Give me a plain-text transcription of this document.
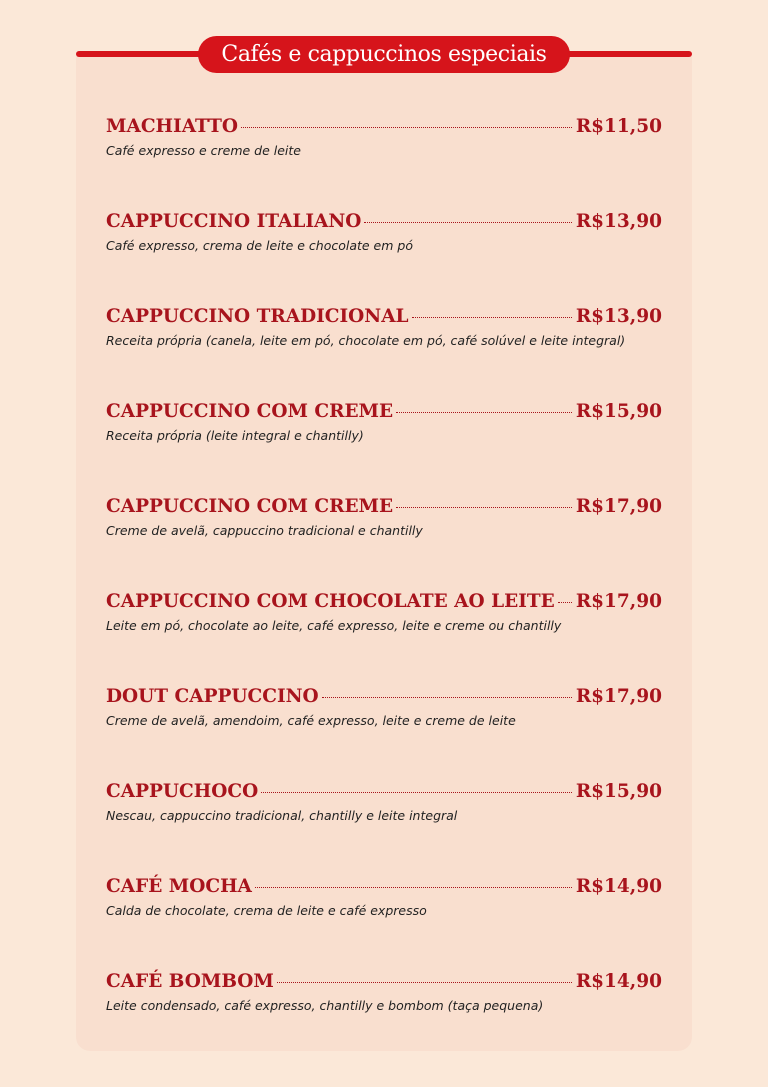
Cafés e cappuccinos especiais
MACHIATTO	R$11,50
Café expresso e creme de leite
CAPPUCCINO ITALIANO	R$13,90
Café expresso, crema de leite e chocolate em pó
CAPPUCCINO TRADICIONAL	R$13,90
Receita própria (canela, leite em pó, chocolate em pó, café solúvel e leite integral)
CAPPUCCINO COM CREME	R$15,90
Receita própria (leite integral e chantilly)
CAPPUCCINO COM CREME	R$17,90
Creme de avelã, cappuccino tradicional e chantilly
CAPPUCCINO COM CHOCOLATE AO LEITE R$17,90
Leite em pó, chocolate ao leite, café expresso, leite e creme ou chantilly
DOUT CAPPUCCINO	R$17,90
Creme de avelã, amendoim, café expresso, leite e creme de leite
CAPPUCHOCO	R$15,90
Nescau, cappuccino tradicional, chantilly e leite integral
CAFÉ MOCHA	R$14,90
Calda de chocolate, crema de leite e café expresso
CAFÉ BOMBOM	R$14,90
Leite condensado, café expresso, chantilly e bombom (taça pequena)
